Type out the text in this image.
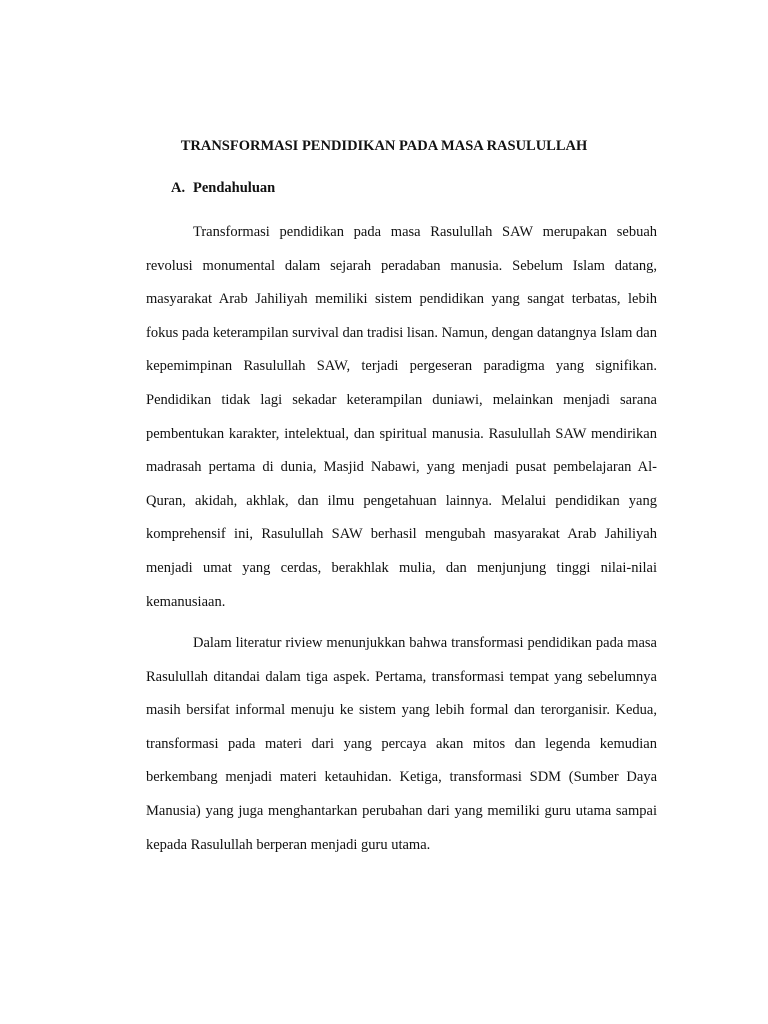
TRANSFORMASI PENDIDIKAN PADA MASA RASULULLAH
A. Pendahuluan

Transformasi pendidikan pada masa Rasulullah SAW merupakan sebuah revolusi monumental dalam sejarah peradaban manusia. Sebelum Islam datang, masyarakat Arab Jahiliyah memiliki sistem pendidikan yang sangat terbatas, lebih fokus pada keterampilan survival dan tradisi lisan. Namun, dengan datangnya Islam dan kepemimpinan Rasulullah SAW, terjadi pergeseran paradigma yang signifikan. Pendidikan tidak lagi sekadar keterampilan duniawi, melainkan menjadi sarana pembentukan karakter, intelektual, dan spiritual manusia. Rasulullah SAW mendirikan madrasah pertama di dunia, Masjid Nabawi, yang menjadi pusat pembelajaran Al-Quran, akidah, akhlak, dan ilmu pengetahuan lainnya. Melalui pendidikan yang komprehensif ini, Rasulullah SAW berhasil mengubah masyarakat Arab Jahiliyah menjadi umat yang cerdas, berakhlak mulia, dan menjunjung tinggi nilai-nilai kemanusiaan.

Dalam literatur riview menunjukkan bahwa transformasi pendidikan pada masa Rasulullah ditandai dalam tiga aspek. Pertama, transformasi tempat yang sebelumnya masih bersifat informal menuju ke sistem yang lebih formal dan terorganisir. Kedua, transformasi pada materi dari yang percaya akan mitos dan legenda kemudian berkembang menjadi materi ketauhidan. Ketiga, transformasi SDM (Sumber Daya Manusia) yang juga menghantarkan perubahan dari yang memiliki guru utama sampai kepada Rasulullah berperan menjadi guru utama.
